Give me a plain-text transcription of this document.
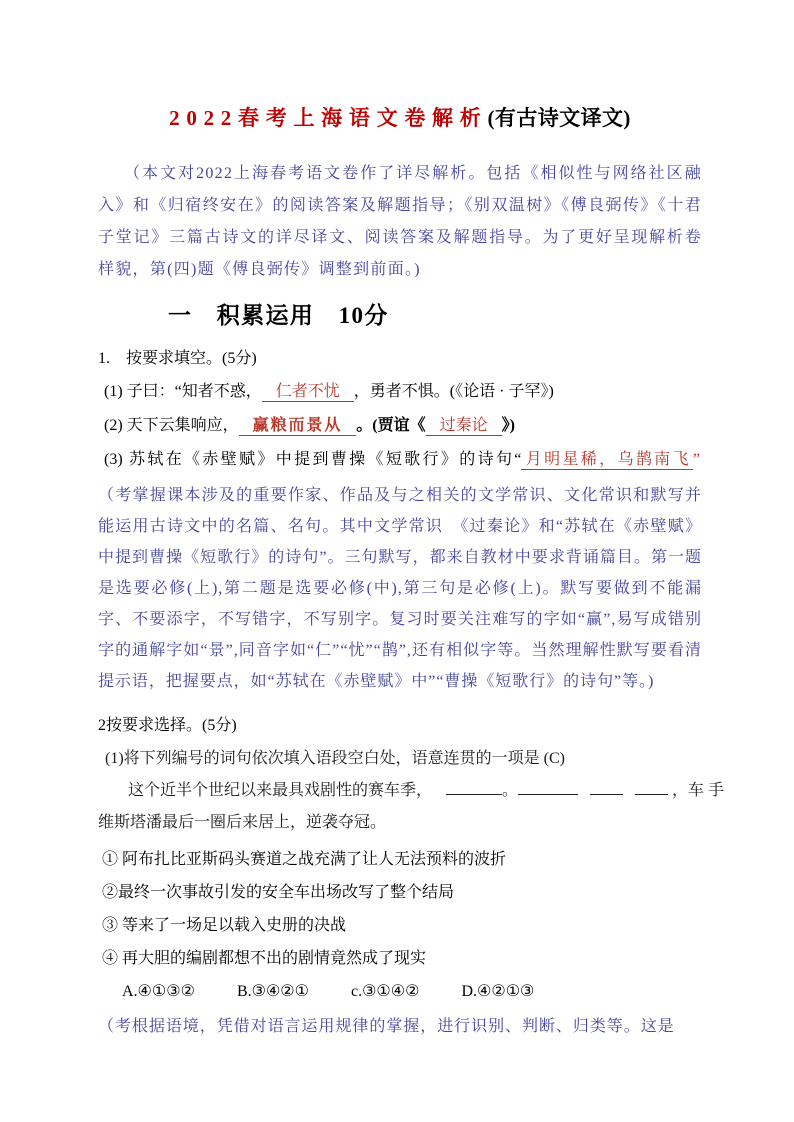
2022春考上海语文卷解析(有古诗文译文)
（本文对2022上海春考语文卷作了详尽解析。包括《相似性与网络社区融入》和《归宿终安在》的阅读答案及解题指导；《别双温树》《傅良弼传》《十君子堂记》三篇古诗文的详尽译文、阅读答案及解题指导。为了更好呈现解析卷样貌，第(四)题《傅良弼传》调整到前面。)
一　积累运用　10分
1.　按要求填空。(5分)
(1) 子曰：“知者不惑， 仁者不忧 ，勇者不惧。(《论语 · 子罕》)
(2) 天下云集响应， 赢粮而景从 。(贾谊《 过秦论 》)
(3) 苏轼在《赤壁赋》中提到曹操《短歌行》的诗句“ 月明星稀，乌鹊南飞 ”
（考掌握课本涉及的重要作家、作品及与之相关的文学常识、文化常识和默写并能运用古诗文中的名篇、名句。其中文学常识　《过秦论》和“苏轼在《赤壁赋》中提到曹操《短歌行》的诗句”。三句默写，都来自教材中要求背诵篇目。第一题是选要必修(上),第二题是选要必修(中),第三句是必修(上)。默写要做到不能漏字、不要添字，不写错字，不写别字。复习时要关注难写的字如“赢”,易写成错别字的通解字如“景”,同音字如“仁”“忧”“鹊”,还有相似字等。当然理解性默写要看清提示语，把握要点，如“苏轼在《赤壁赋》中”“曹操《短歌行》的诗句”等。)
2按要求选择。(5分)
(1)将下列编号的词句依次填入语段空白处，语意连贯的一项是 (C)
这个近半个世纪以来最具戏剧性的赛车季，	。	，车 手
维斯塔潘最后一圈后来居上，逆袭夺冠。
① 阿布扎比亚斯码头赛道之战充满了让人无法预料的波折
②最终一次事故引发的安全车出场改写了整个结局
③ 等来了一场足以载入史册的决战
④ 再大胆的编剧都想不出的剧情竟然成了现实
A.④①③②	B.③④②①	c.③①④②	D.④②①③
（考根据语境，凭借对语言运用规律的掌握，进行识别、判断、归类等。这是
